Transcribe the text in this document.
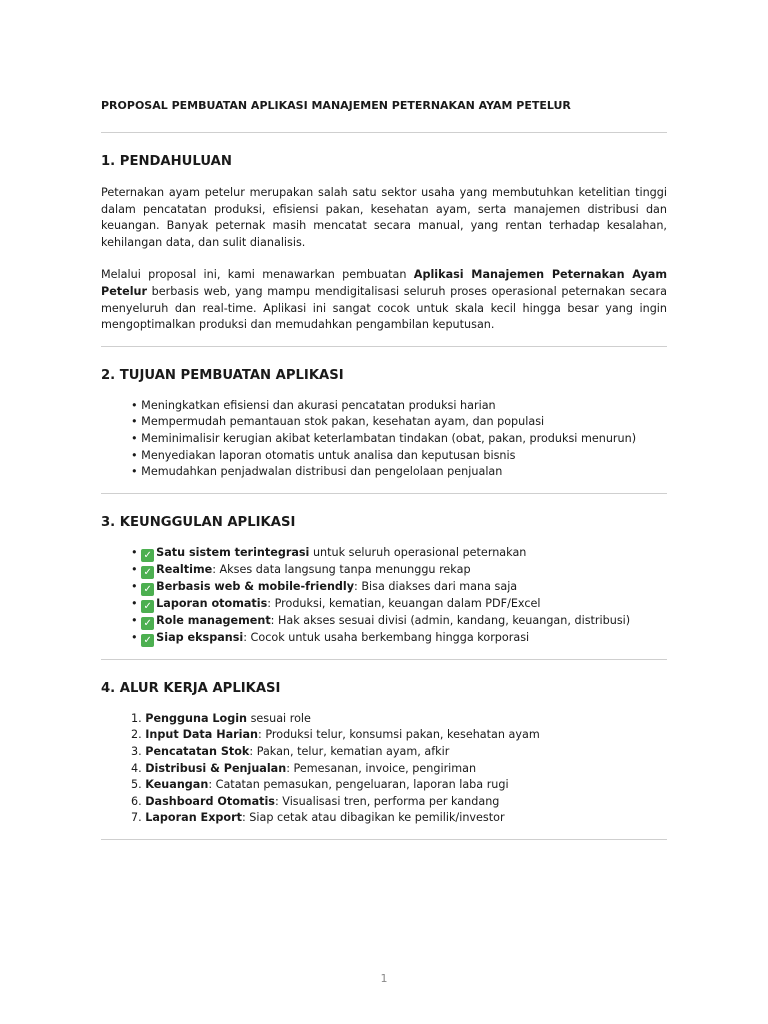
PROPOSAL PEMBUATAN APLIKASI MANAJEMEN PETERNAKAN AYAM PETELUR
1. PENDAHULUAN

Peternakan ayam petelur merupakan salah satu sektor usaha yang membutuhkan ketelitian tinggi dalam pencatatan produksi, efisiensi pakan, kesehatan ayam, serta manajemen distribusi dan keuangan. Banyak peternak masih mencatat secara manual, yang rentan terhadap kesalahan, kehilangan data, dan sulit dianalisis.

Melalui proposal ini, kami menawarkan pembuatan Aplikasi Manajemen Peternakan Ayam Petelur berbasis web, yang mampu mendigitalisasi seluruh proses operasional peternakan secara menyeluruh dan real-time. Aplikasi ini sangat cocok untuk skala kecil hingga besar yang ingin mengoptimalkan produksi dan memudahkan pengambilan keputusan.

2. TUJUAN PEMBUATAN APLIKASI
• Meningkatkan efisiensi dan akurasi pencatatan produksi harian
• Mempermudah pemantauan stok pakan, kesehatan ayam, dan populasi
• Meminimalisir kerugian akibat keterlambatan tindakan (obat, pakan, produksi menurun)
• Menyediakan laporan otomatis untuk analisa dan keputusan bisnis
• Memudahkan penjadwalan distribusi dan pengelolaan penjualan
3. KEUNGGULAN APLIKASI
• ✓ Satu sistem terintegrasi untuk seluruh operasional peternakan
• ✓ Realtime: Akses data langsung tanpa menunggu rekap
• ✓ Berbasis web & mobile-friendly: Bisa diakses dari mana saja
• ✓ Laporan otomatis: Produksi, kematian, keuangan dalam PDF/Excel
• ✓ Role management: Hak akses sesuai divisi (admin, kandang, keuangan, distribusi)
• ✓ Siap ekspansi: Cocok untuk usaha berkembang hingga korporasi
4. ALUR KERJA APLIKASI
1. Pengguna Login sesuai role
2. Input Data Harian: Produksi telur, konsumsi pakan, kesehatan ayam
3. Pencatatan Stok: Pakan, telur, kematian ayam, afkir
4. Distribusi & Penjualan: Pemesanan, invoice, pengiriman
5. Keuangan: Catatan pemasukan, pengeluaran, laporan laba rugi
6. Dashboard Otomatis: Visualisasi tren, performa per kandang
7. Laporan Export: Siap cetak atau dibagikan ke pemilik/investor
1
